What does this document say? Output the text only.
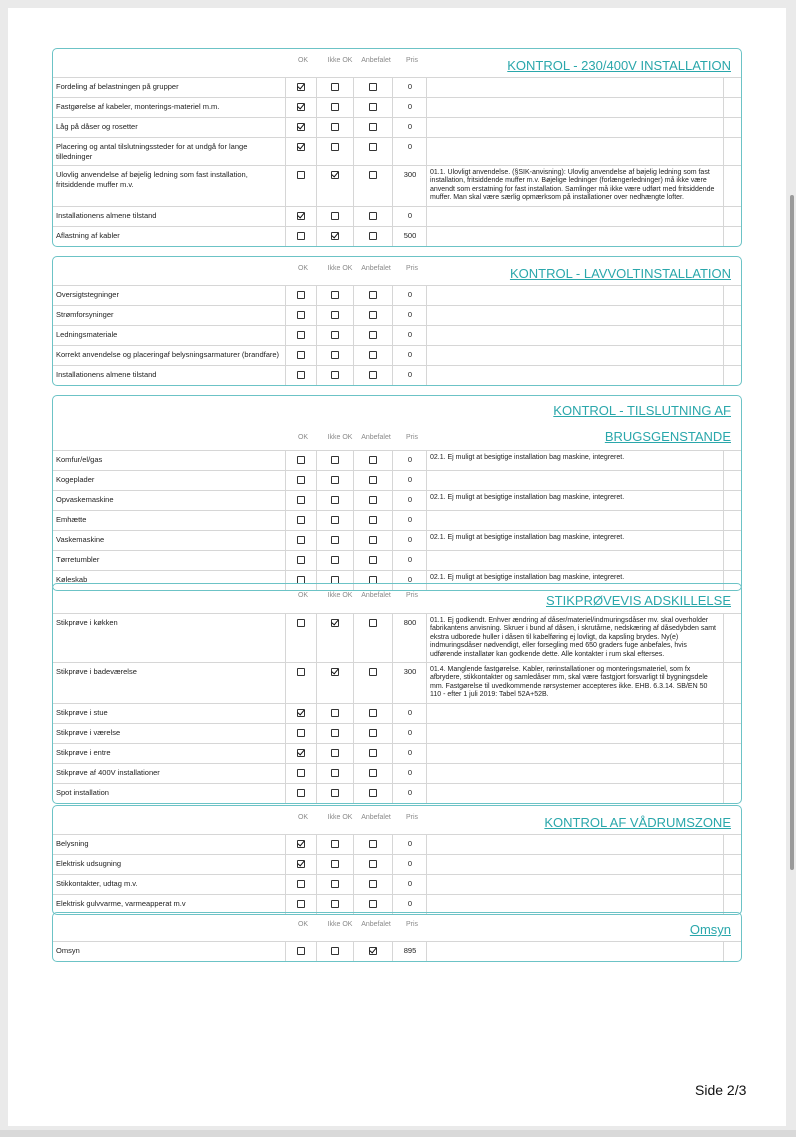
OK	Ikke OK	Anbefalet	Pris	KONTROL - 230/400V INSTALLATION
Fordeling af belastningen på grupper				0		
Fastgørelse af kabeler, monterings-materiel m.m.				0		
Låg på dåser og rosetter				0		
Placering og antal tilslutningssteder for at undgå for lange tilledninger				0		
Ulovlig anvendelse af bøjelig ledning som fast installation, fritsiddende muffer m.v.				300	01.1. Ulovligt anvendelse. (§SIK-anvisning): Ulovlig anvendelse af bøjelig ledning som fast installation, fritsiddende muffer m.v. Bøjelige ledninger (forlængerledninger) må ikke være anvendt som erstatning for fast installation. Samlinger må ikke være udført med fritsiddende muffer. Man skal være særlig opmærksom på installationer over nedhængte lofter.	
Installationens almene tilstand				0		
Aflastning af kabler				500		
OK	Ikke OK	Anbefalet	Pris	KONTROL - LAVVOLTINSTALLATION
Oversigtstegninger				0		
Strømforsyninger				0		
Ledningsmateriale				0		
Korrekt anvendelse og placeringaf belysningsarmaturer (brandfare)				0		
Installationens almene tilstand				0		
OK	Ikke OK	Anbefalet	Pris
KONTROL - TILSLUTNING AF
BRUGSGENSTANDE
Komfur/el/gas				0	02.1. Ej muligt at besigtige installation bag maskine, integreret.	
Kogeplader				0		
Opvaskemaskine				0	02.1. Ej muligt at besigtige installation bag maskine, integreret.	
Emhætte				0		
Vaskemaskine				0	02.1. Ej muligt at besigtige installation bag maskine, integreret.	
Tørretumbler				0		
Køleskab				0	02.1. Ej muligt at besigtige installation bag maskine, integreret.	
OK	Ikke OK	Anbefalet	Pris	STIKPRØVEVIS ADSKILLELSE
Stikprøve i køkken				800	01.1. Ej godkendt. Enhver ændring af dåser/materiel/indmuringsdåser mv. skal overholder fabrikantens anvisning. Skruer i bund af dåsen, i skrutårne, nedskæring af dåsedybden samt ekstra udborede huller i dåsen til kabelføring ej lovligt, da kapsling brydes. Ny(e) indmuringsdåser nødvendigt, eller forsegling med 650 graders fuge anbefales, hvis udførende installatør kan godkende dette. Alle kontakter i rum skal efterses.	
Stikprøve i badeværelse				300	01.4. Manglende fastgørelse. Kabler, rørinstallationer og monteringsmateriel, som fx afbrydere, stikkontakter og samledåser mm, skal være fastgjort forsvarligt til bygningsdele mm. Fastgørelse til uvedkommende rørsystemer accepteres ikke. EHB. 6.3.14. SB/EN 50 110 - efter 1 juli 2019: Tabel 52A+52B.	
Stikprøve i stue				0		
Stikprøve i værelse				0		
Stikprøve i entre				0		
Stikprøve af 400V installationer				0		
Spot installation				0		
OK	Ikke OK	Anbefalet	Pris	KONTROL AF VÅDRUMSZONE
Belysning				0		
Elektrisk udsugning				0		
Stikkontakter, udtag m.v.				0		
Elektrisk gulvvarme, varmeapperat m.v				0		
OK	Ikke OK	Anbefalet	Pris	Omsyn
Omsyn				895		
Side 2/3
